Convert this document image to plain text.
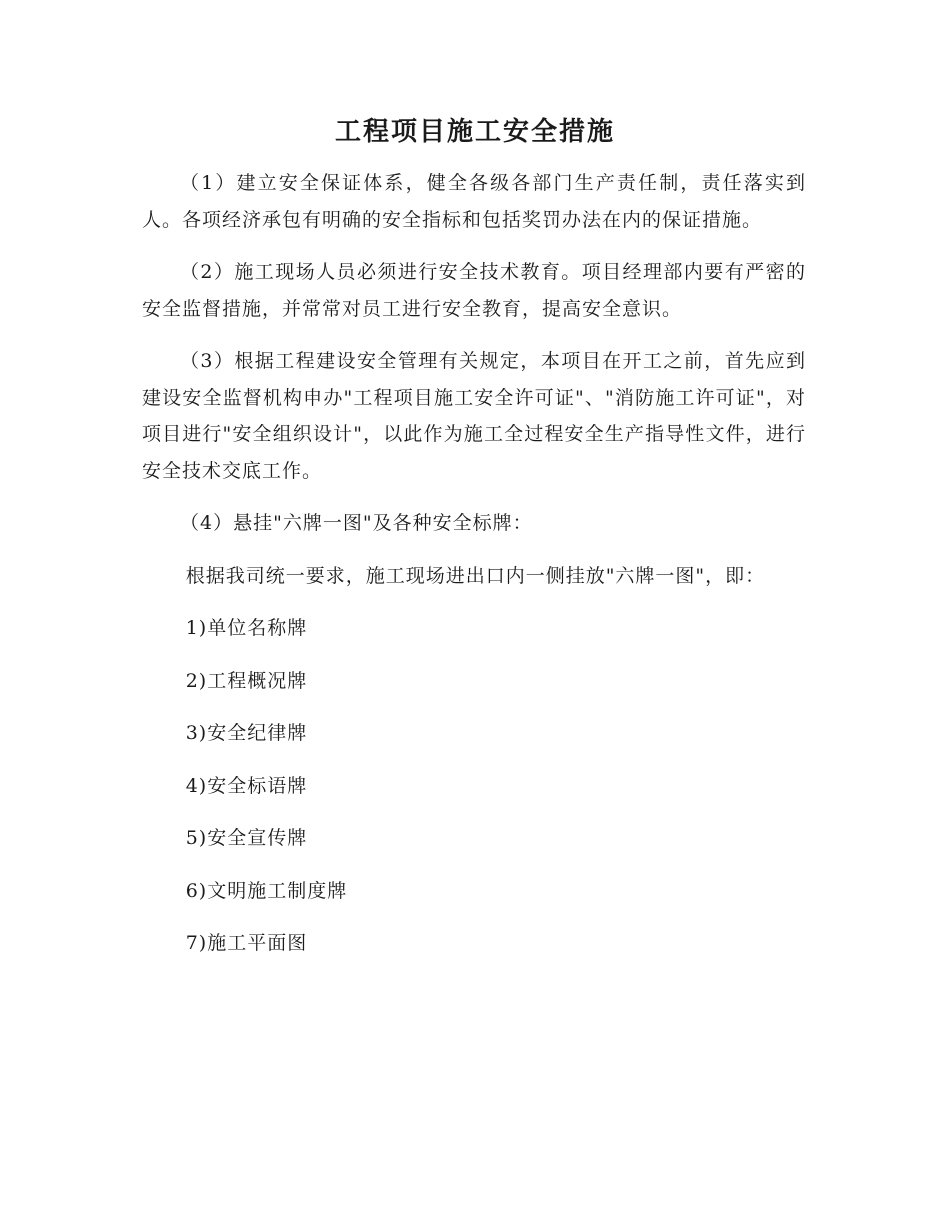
工程项目施工安全措施

（1）建立安全保证体系，健全各级各部门生产责任制，责任落实到人。各项经济承包有明确的安全指标和包括奖罚办法在内的保证措施。

（2）施工现场人员必须进行安全技术教育。项目经理部内要有严密的安全监督措施，并常常对员工进行安全教育，提高安全意识。

（3）根据工程建设安全管理有关规定，本项目在开工之前，首先应到建设安全监督机构申办"工程项目施工安全许可证"、"消防施工许可证"，对项目进行"安全组织设计"，以此作为施工全过程安全生产指导性文件，进行安全技术交底工作。

（4）悬挂"六牌一图"及各种安全标牌：

根据我司统一要求，施工现场进出口内一侧挂放"六牌一图"，即：

1)单位名称牌
2)工程概况牌
3)安全纪律牌
4)安全标语牌
5)安全宣传牌
6)文明施工制度牌
7)施工平面图
